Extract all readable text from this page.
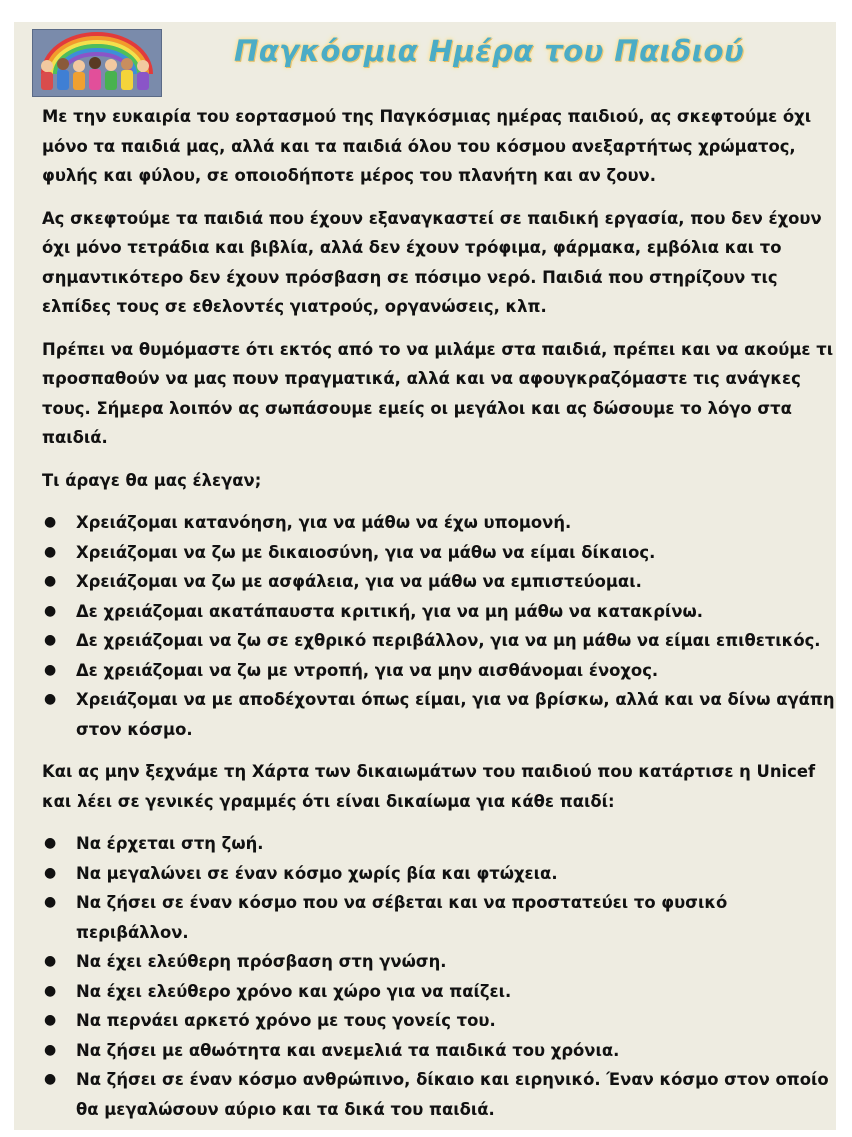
Παγκόσμια Ημέρα του Παιδιού

Με την ευκαιρία του εορτασμού της Παγκόσμιας ημέρας παιδιού, ας σκεφτούμε όχι μόνο τα παιδιά μας, αλλά και τα παιδιά όλου του κόσμου ανεξαρτήτως χρώματος, φυλής και φύλου, σε οποιοδήποτε μέρος του πλανήτη και αν ζουν.

Ας σκεφτούμε τα παιδιά που έχουν εξαναγκαστεί σε παιδική εργασία, που δεν έχουν όχι μόνο τετράδια και βιβλία, αλλά δεν έχουν τρόφιμα, φάρμακα, εμβόλια και το σημαντικότερο δεν έχουν πρόσβαση σε πόσιμο νερό. Παιδιά που στηρίζουν τις ελπίδες τους σε εθελοντές γιατρούς, οργανώσεις, κλπ.

Πρέπει να θυμόμαστε ότι εκτός από το να μιλάμε στα παιδιά, πρέπει και να ακούμε τι προσπαθούν να μας πουν πραγματικά, αλλά και να αφουγκραζόμαστε τις ανάγκες τους. Σήμερα λοιπόν ας σωπάσουμε εμείς οι μεγάλοι και ας δώσουμε το λόγο στα παιδιά.

Τι άραγε θα μας έλεγαν;

● Χρειάζομαι κατανόηση, για να μάθω να έχω υπομονή.
● Χρειάζομαι να ζω με δικαιοσύνη, για να μάθω να είμαι δίκαιος.
● Χρειάζομαι να ζω με ασφάλεια, για να μάθω να εμπιστεύομαι.
● Δε χρειάζομαι ακατάπαυστα κριτική, για να μη μάθω να κατακρίνω.
● Δε χρειάζομαι να ζω σε εχθρικό περιβάλλον, για να μη μάθω να είμαι επιθετικός.
● Δε χρειάζομαι να ζω με ντροπή, για να μην αισθάνομαι ένοχος.
● Χρειάζομαι να με αποδέχονται όπως είμαι, για να βρίσκω, αλλά και να δίνω αγάπη στον κόσμο.

Και ας μην ξεχνάμε τη Χάρτα των δικαιωμάτων του παιδιού που κατάρτισε η Unicef και λέει σε γενικές γραμμές ότι είναι δικαίωμα για κάθε παιδί:

● Να έρχεται στη ζωή.
● Να μεγαλώνει σε έναν κόσμο χωρίς βία και φτώχεια.
● Να ζήσει σε έναν κόσμο που να σέβεται και να προστατεύει το φυσικό περιβάλλον.
● Να έχει ελεύθερη πρόσβαση στη γνώση.
● Να έχει ελεύθερο χρόνο και χώρο για να παίζει.
● Να περνάει αρκετό χρόνο με τους γονείς του.
● Να ζήσει με αθωότητα και ανεμελιά τα παιδικά του χρόνια.
● Να ζήσει σε έναν κόσμο ανθρώπινο, δίκαιο και ειρηνικό. Έναν κόσμο στον οποίο θα μεγαλώσουν αύριο και τα δικά του παιδιά.
